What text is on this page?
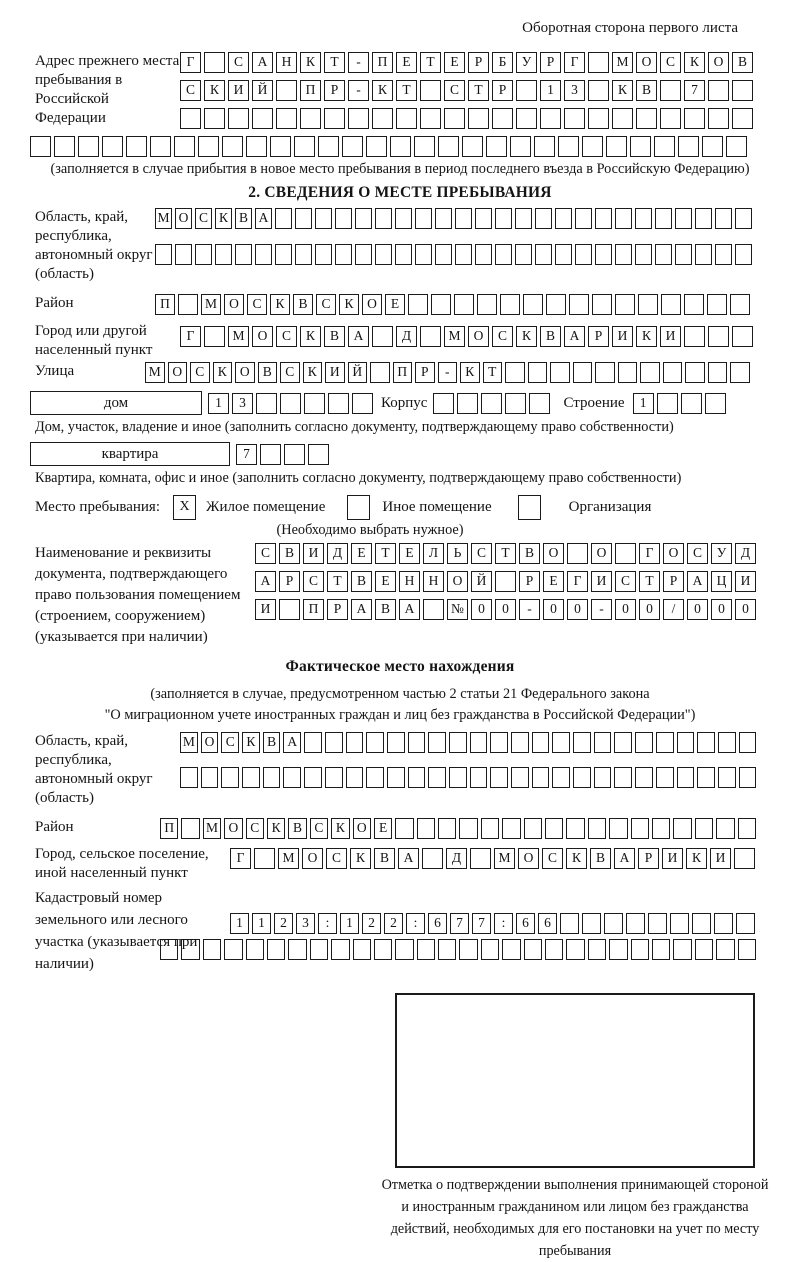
Оборотная сторона первого листа
Адрес прежнего места пребывания в Российской Федерации
Г	С	А	Н	К	Т	-	П	Е	Т	Е	Р	Б	У	Р	Г	М О	С	К	О	В
С	К	И	Й	П	Р	-	К	Т	С	Т	Р	1	3	К	В	7
(заполняется в случае прибытия в новое место пребывания в период последнего въезда в Российскую Федерацию)
2. СВЕДЕНИЯ О МЕСТЕ ПРЕБЫВАНИЯ
Область, край, республика, автономный округ (область)
М О С К В А
Район	П	М О	С	К	В	С	К	О	Е
Город или другой населенный пункт
Г	М О	С	К	В	А	Д	М О	С	К	В	А	Р	И	К	И
Улица	М О С К О В С К И Й	П	Р	-	К	Т
дом	1	3	Корпус	Строение	1
Дом, участок, владение и иное (заполнить согласно документу, подтверждающему право собственности)
квартира	7
Квартира, комната, офис и иное (заполнить согласно документу, подтверждающему право собственности)
Место пребывания:	X	Жилое помещение	Иное помещение	Организация
(Необходимо выбрать нужное)
Наименование и реквизиты документа, подтверждающего право пользования помещением (строением, сооружением) (указывается при наличии)
С	В	И	Д	Е	Т	Е	Л	Ь	С	Т	В	О	О	Г	О	С	У	Д
А	Р	С	Т	В	Е	Н	Н	О	Й	Р	Е	Г	И	С	Т	Р	А	Ц	И
И	П	Р	А	В	А	№	0	0	-	0	0	-	0	0	/	0	0	0
Фактическое место нахождения
(заполняется в случае, предусмотренном частью 2 статьи 21 Федерального закона
"О миграционном учете иностранных граждан и лиц без гражданства в Российской Федерации")
Область, край, республика, автономный округ (область)
М О С К В А
Район	П	М О С К В С К О Е
Город, сельское поселение, иной населенный пункт
Г	М О	С	К	В	А	Д	М О	С	К	В	А	Р	И	К	И
Кадастровый номер земельного или лесного участка (указывается при наличии)
1	1	2	3	:	1	2	2	:	6	7	7	:	6	6
Отметка о подтверждении выполнения принимающей стороной и иностранным гражданином или лицом без гражданства действий, необходимых для его постановки на учет по месту пребывания
